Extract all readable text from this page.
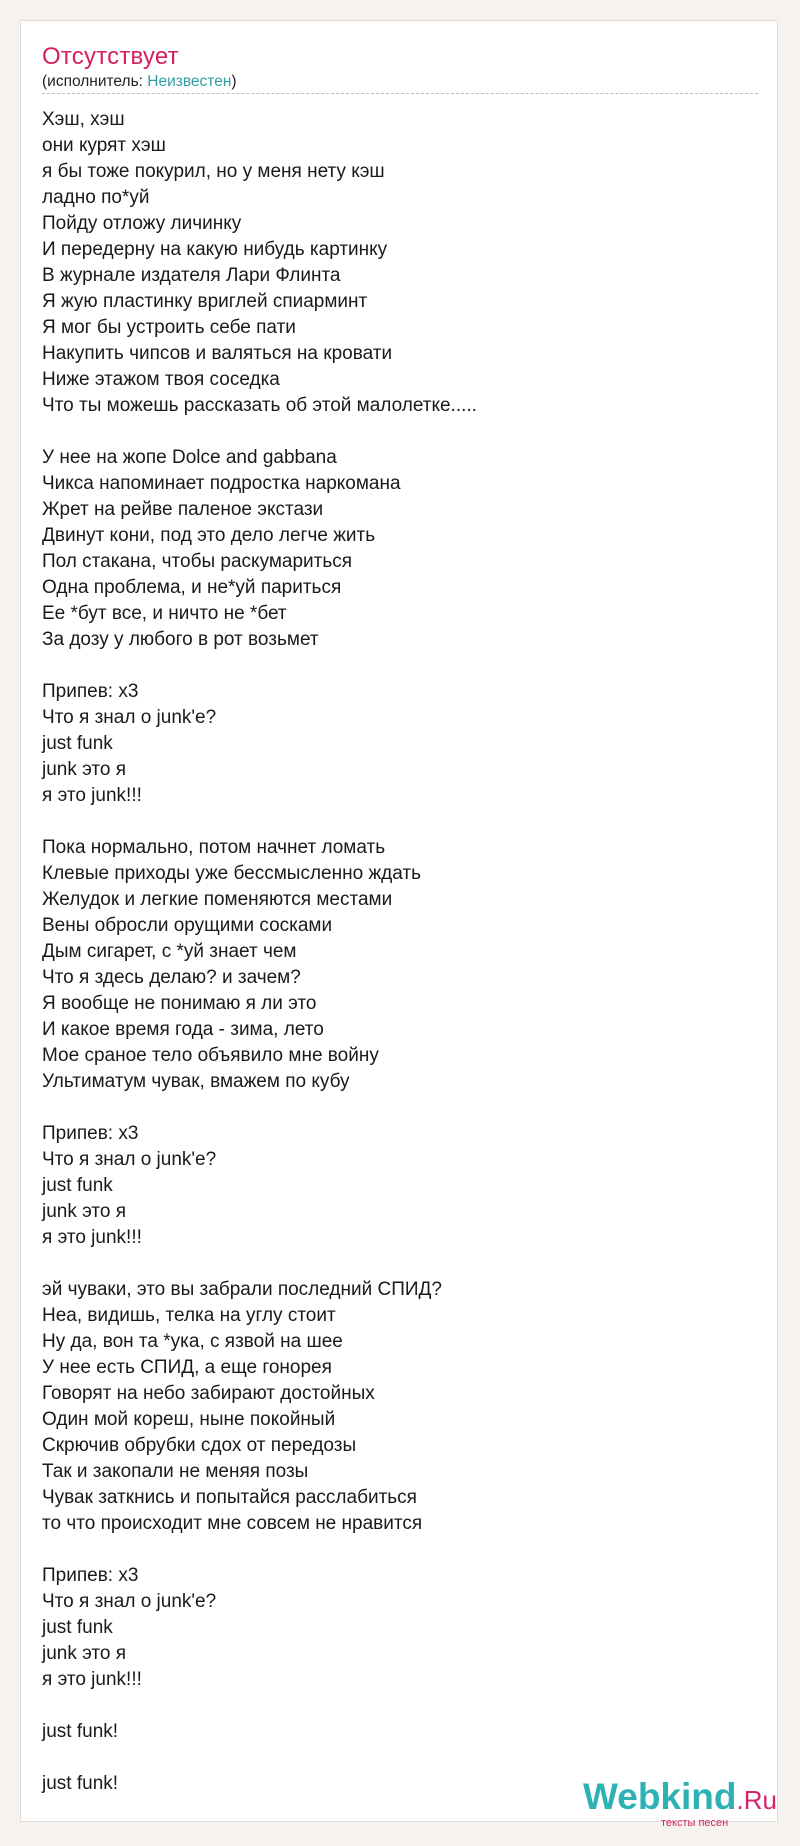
Отсутствует
(исполнитель: Неизвестен)
Хэш, хэш
они курят хэш
я бы тоже покурил, но у меня нету кэш
ладно по*уй
Пойду отложу личинку
И передерну на какую нибудь картинку
В журнале издателя Лари Флинта
Я жую пластинку вриглей спиарминт
Я мог бы устроить себе пати
Накупить чипсов и валяться на кровати
Ниже этажом твоя соседка
Что ты можешь рассказать об этой малолетке.....

У нее на жопе Dolce and gabbana
Чикса напоминает подростка наркомана
Жрет на рейве паленое экстази
Двинут кони, под это дело легче жить
Пол стакана, чтобы раскумариться
Одна проблема, и не*уй париться
Ее *бут все, и ничто не *бет
За дозу у любого в рот возьмет

Припев: х3
Что я знал о junk'e?
just funk
junk это я
я это junk!!!

Пока нормально, потом начнет ломать
Клевые приходы уже бессмысленно ждать
Желудок и легкие поменяются местами
Вены обросли орущими сосками
Дым сигарет, с *уй знает чем
Что я здесь делаю? и зачем?
Я вообще не понимаю я ли это
И какое время года - зима, лето
Мое сраное тело объявило мне войну
Ультиматум чувак, вмажем по кубу

Припев: х3
Что я знал о junk'e?
just funk
junk это я
я это junk!!!

эй чуваки, это вы забрали последний СПИД?
Неа, видишь, телка на углу стоит
Ну да, вон та *ука, с язвой на шее
У нее есть СПИД, а еще гонорея
Говорят на небо забирают достойных
Один мой кореш, ныне покойный
Скрючив обрубки сдох от передозы
Так и закопали не меняя позы
Чувак заткнись и попытайся расслабиться
то что происходит мне совсем не нравится

Припев: х3
Что я знал о junk'e?
just funk
junk это я
я это junk!!!

just funk!

just funk!	Webkind.Ru
тексты песен
